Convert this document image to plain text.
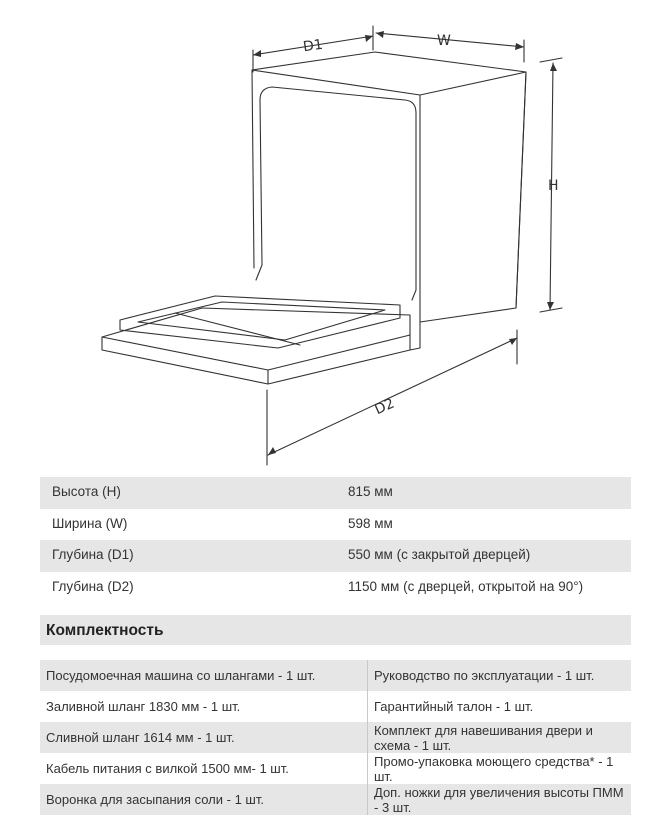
D1	W
H
D2
Высота (H)	815 мм
Ширина (W)	598 мм
Глубина (D1)	550 мм (с закрытой дверцей)
Глубина (D2)	1150 мм (с дверцей, открытой на 90°)
Комплектность
Посудомоечная машина со шлангами - 1 шт.	Руководство по эксплуатации - 1 шт.
Заливной шланг 1830 мм - 1 шт.	Гарантийный талон - 1 шт.
Сливной шланг 1614 мм - 1 шт.	Комплект для навешивания двери и схема - 1 шт.
Кабель питания с вилкой 1500 мм- 1 шт.	Промо-упаковка моющего средства* - 1 шт.
Воронка для засыпания соли - 1 шт.	Доп. ножки для увеличения высоты ПММ - 3 шт.
